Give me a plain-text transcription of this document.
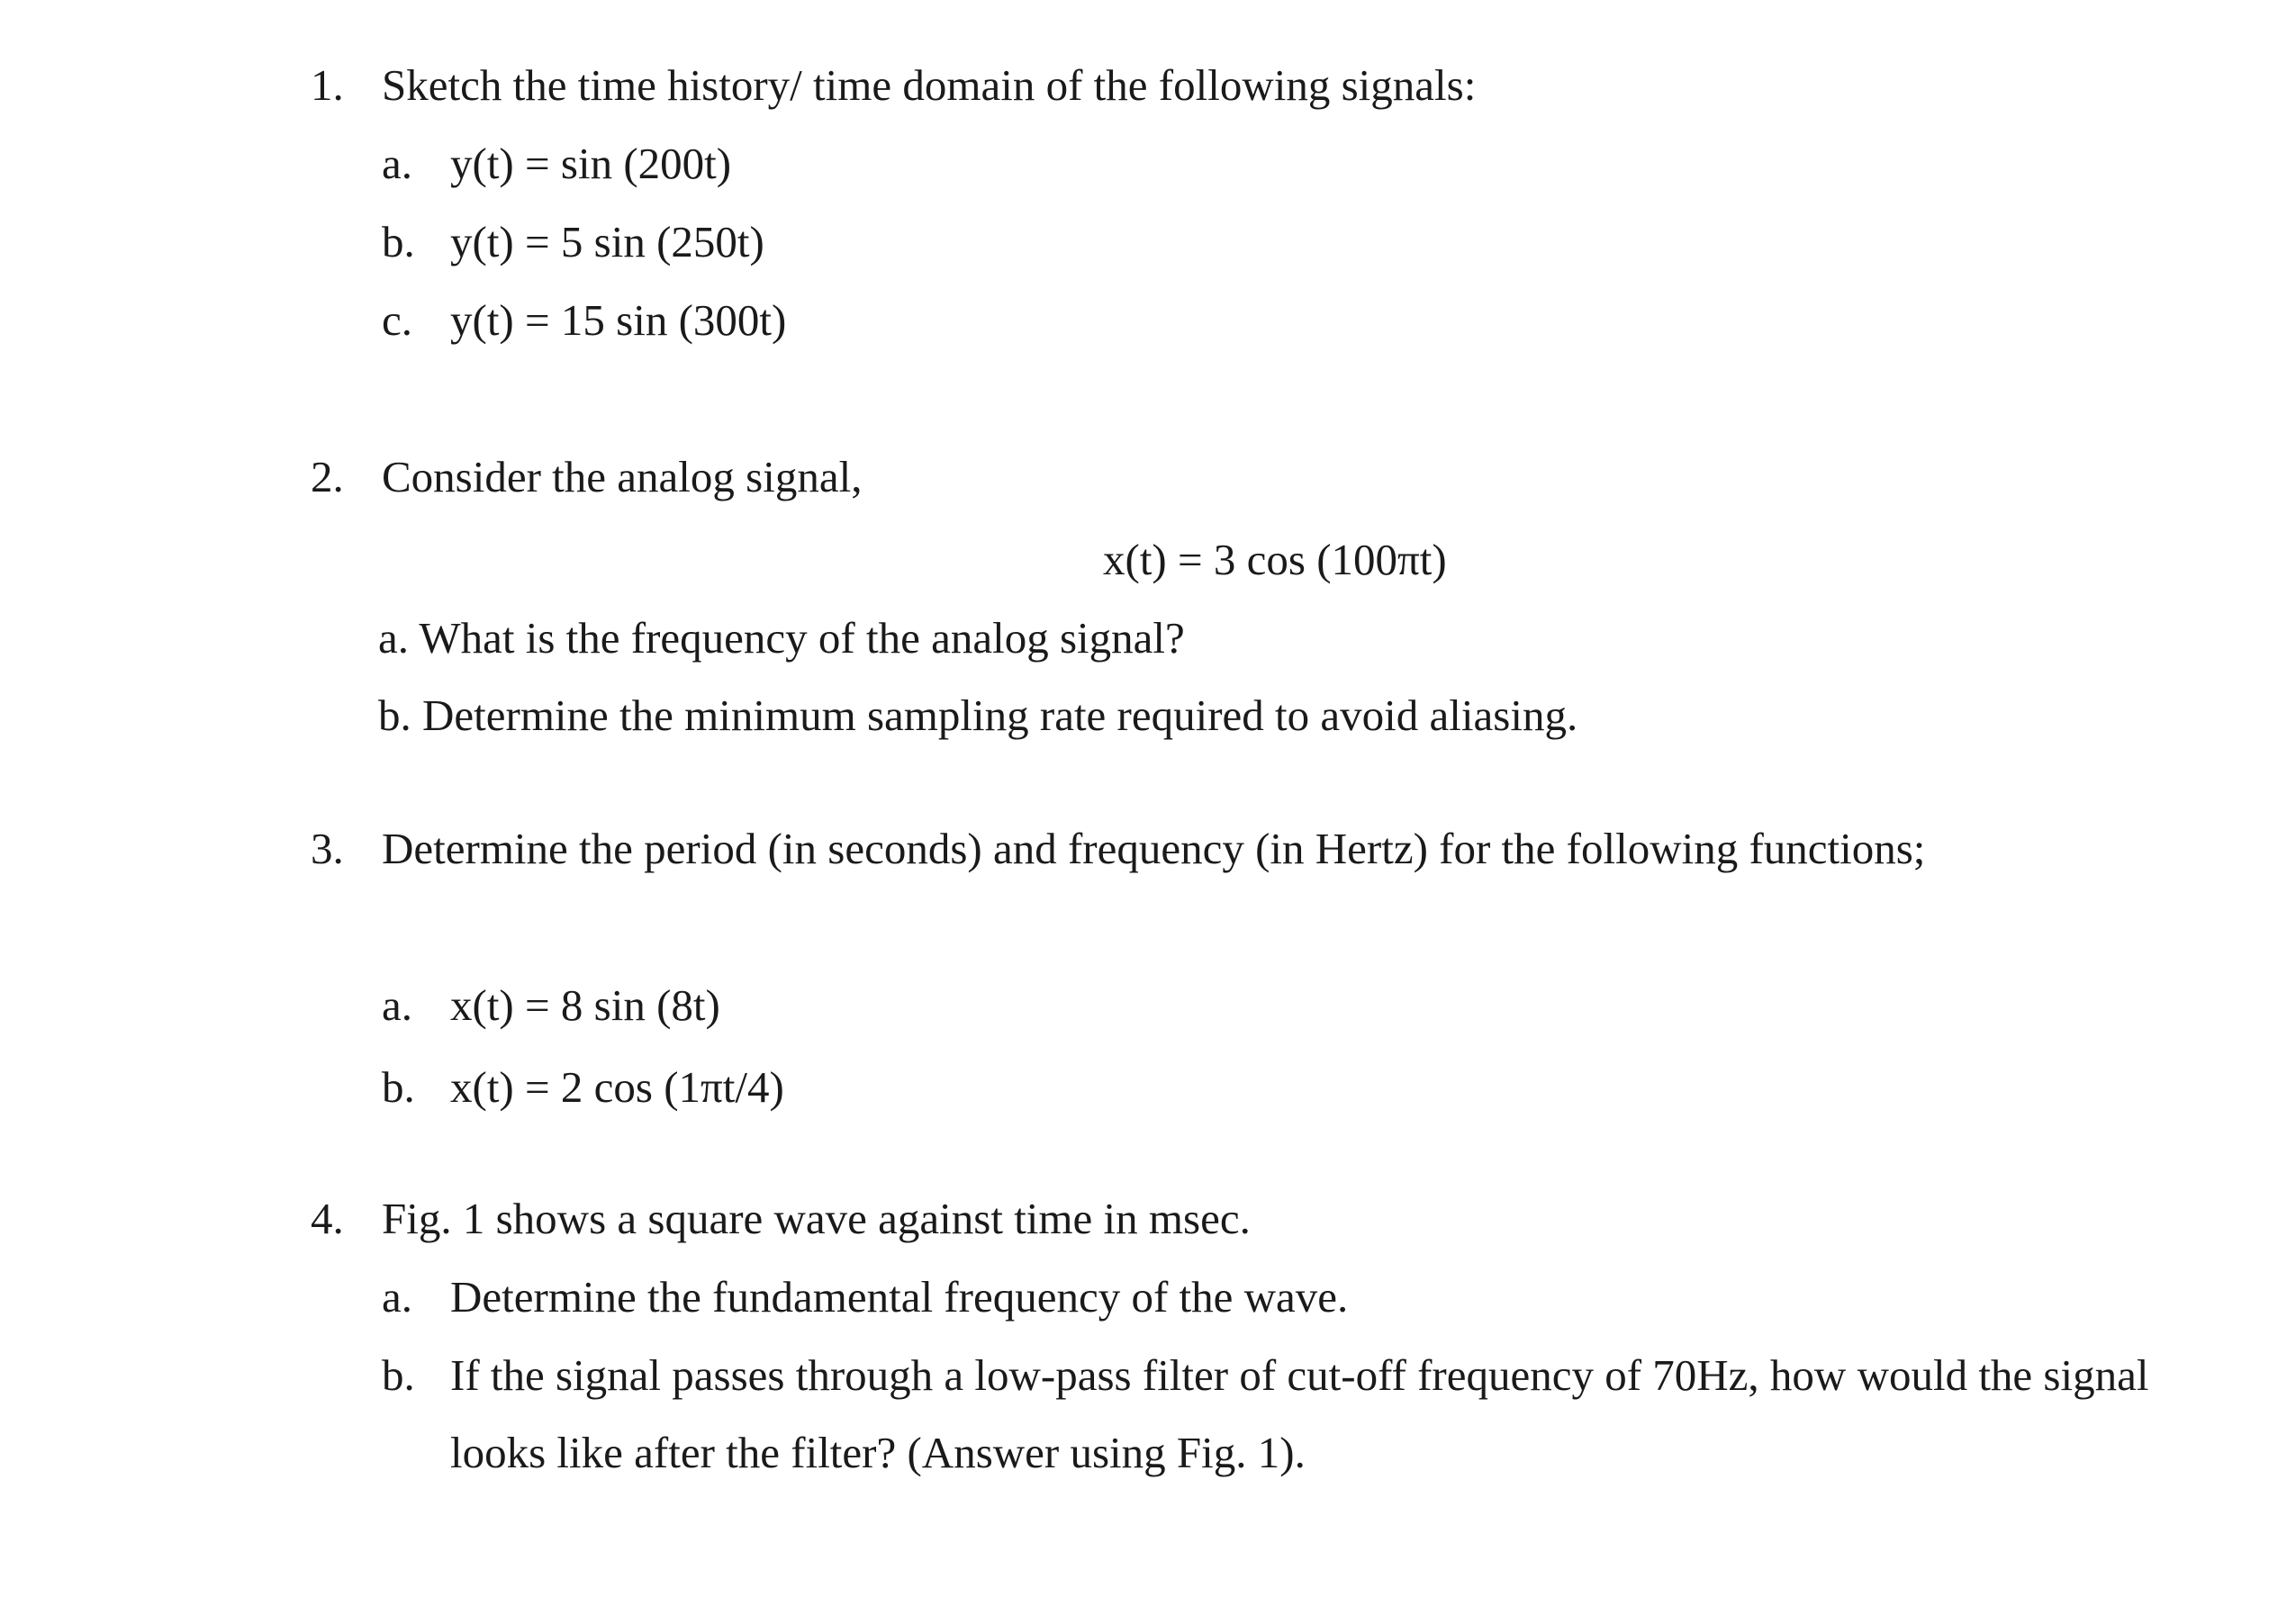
1. Sketch the time history/ time domain of the following signals:
a. y(t) = sin (200t)
b. y(t) = 5 sin (250t)
c. y(t) = 15 sin (300t)
2. Consider the analog signal,
x(t) = 3 cos (100πt)
a. What is the frequency of the analog signal?
b. Determine the minimum sampling rate required to avoid aliasing.
3. Determine the period (in seconds) and frequency (in Hertz) for the following functions;
a. x(t) = 8 sin (8t)
b. x(t) = 2 cos (1πt/4)
4. Fig. 1 shows a square wave against time in msec.
a. Determine the fundamental frequency of the wave.
b. If the signal passes through a low-pass filter of cut-off frequency of 70Hz, how would the signal
looks like after the filter? (Answer using Fig. 1).
